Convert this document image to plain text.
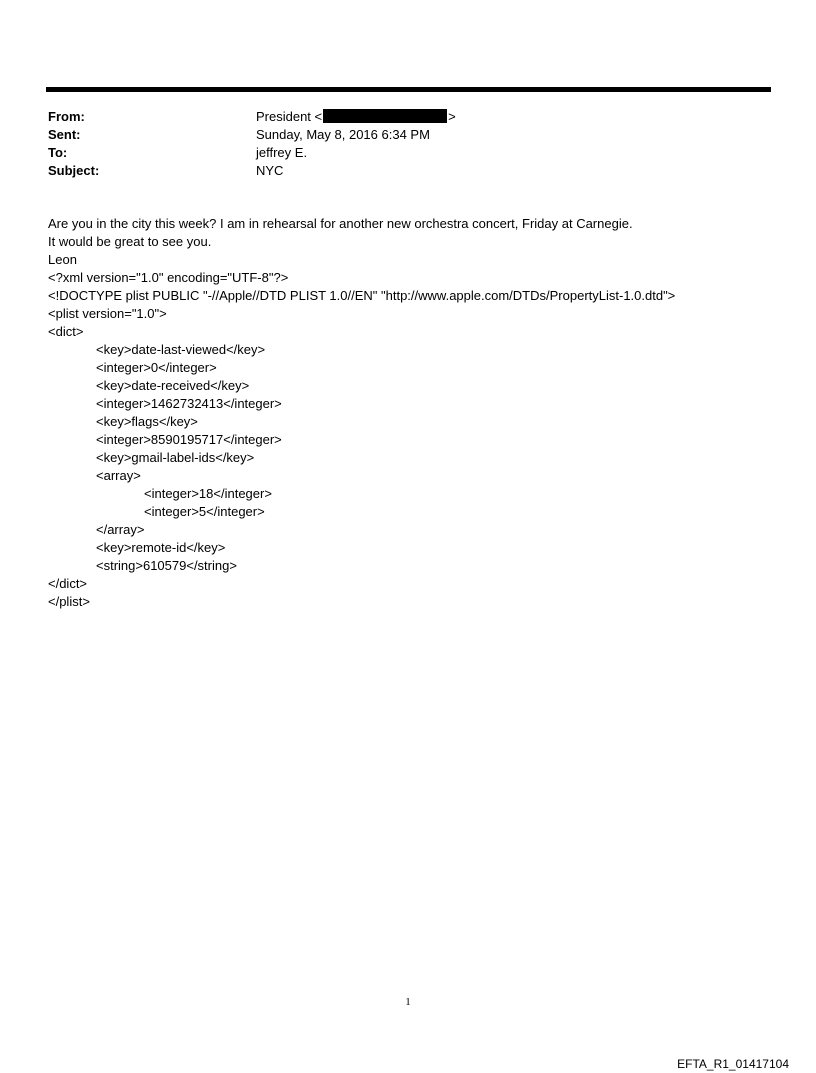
From:	President <	>
Sent:	Sunday, May 8, 2016 6:34 PM
To:	jeffrey E.
Subject:	NYC
Are you in the city this week? I am in rehearsal for another new orchestra concert, Friday at Carnegie.
It would be great to see you.
Leon
<?xml version="1.0" encoding="UTF-8"?>
<!DOCTYPE plist PUBLIC "-//Apple//DTD PLIST 1.0//EN" "http://www.apple.com/DTDs/PropertyList-1.0.dtd">
<plist version="1.0">
<dict>
<key>date-last-viewed</key>
<integer>0</integer>
<key>date-received</key>
<integer>1462732413</integer>
<key>flags</key>
<integer>8590195717</integer>
<key>gmail-label-ids</key>
<array>
<integer>18</integer>
<integer>5</integer>
</array>
<key>remote-id</key>
<string>610579</string>
</dict>
</plist>
1
EFTA_R1_01417104
